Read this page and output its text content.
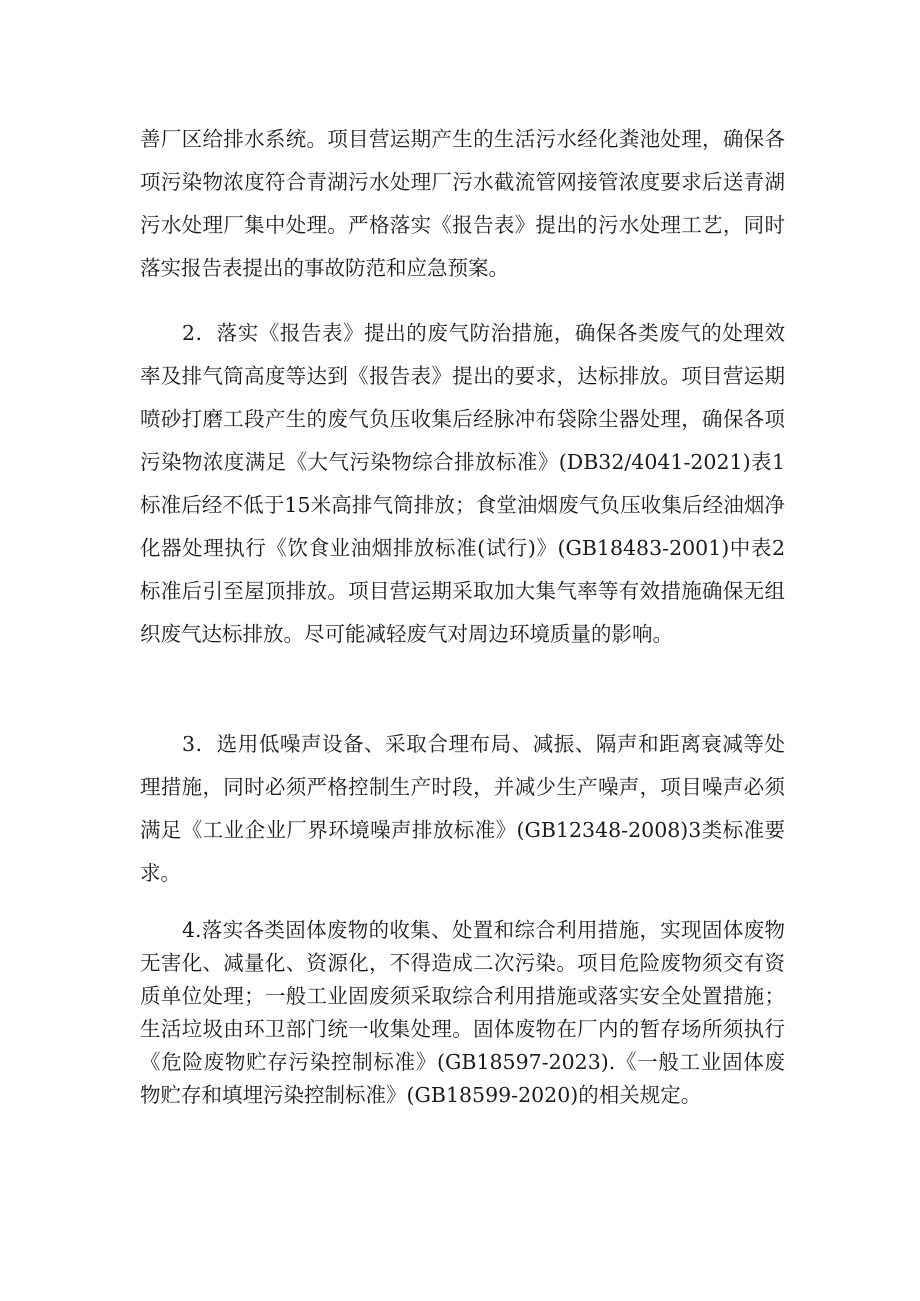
善厂区给排水系统。项目营运期产生的生活污水经化粪池处理，确保各项污染物浓度符合青湖污水处理厂污水截流管网接管浓度要求后送青湖污水处理厂集中处理。严格落实《报告表》提出的污水处理工艺，同时落实报告表提出的事故防范和应急预案。

2．落实《报告表》提出的废气防治措施，确保各类废气的处理效率及排气筒高度等达到《报告表》提出的要求，达标排放。项目营运期喷砂打磨工段产生的废气负压收集后经脉冲布袋除尘器处理，确保各项污染物浓度满足《大气污染物综合排放标准》(DB32/4041-2021)表1标准后经不低于15米高排气筒排放；食堂油烟废气负压收集后经油烟净化器处理执行《饮食业油烟排放标准(试行)》(GB18483-2001)中表2标准后引至屋顶排放。项目营运期采取加大集气率等有效措施确保无组织废气达标排放。尽可能减轻废气对周边环境质量的影响。

3．选用低噪声设备、采取合理布局、减振、隔声和距离衰减等处理措施，同时必须严格控制生产时段，并减少生产噪声，项目噪声必须满足《工业企业厂界环境噪声排放标准》(GB12348-2008)3类标准要求。

4.落实各类固体废物的收集、处置和综合利用措施，实现固体废物无害化、减量化、资源化，不得造成二次污染。项目危险废物须交有资质单位处理；一般工业固废须采取综合利用措施或落实安全处置措施；生活垃圾由环卫部门统一收集处理。固体废物在厂内的暂存场所须执行《危险废物贮存污染控制标准》(GB18597-2023).《一般工业固体废物贮存和填埋污染控制标准》(GB18599-2020)的相关规定。
